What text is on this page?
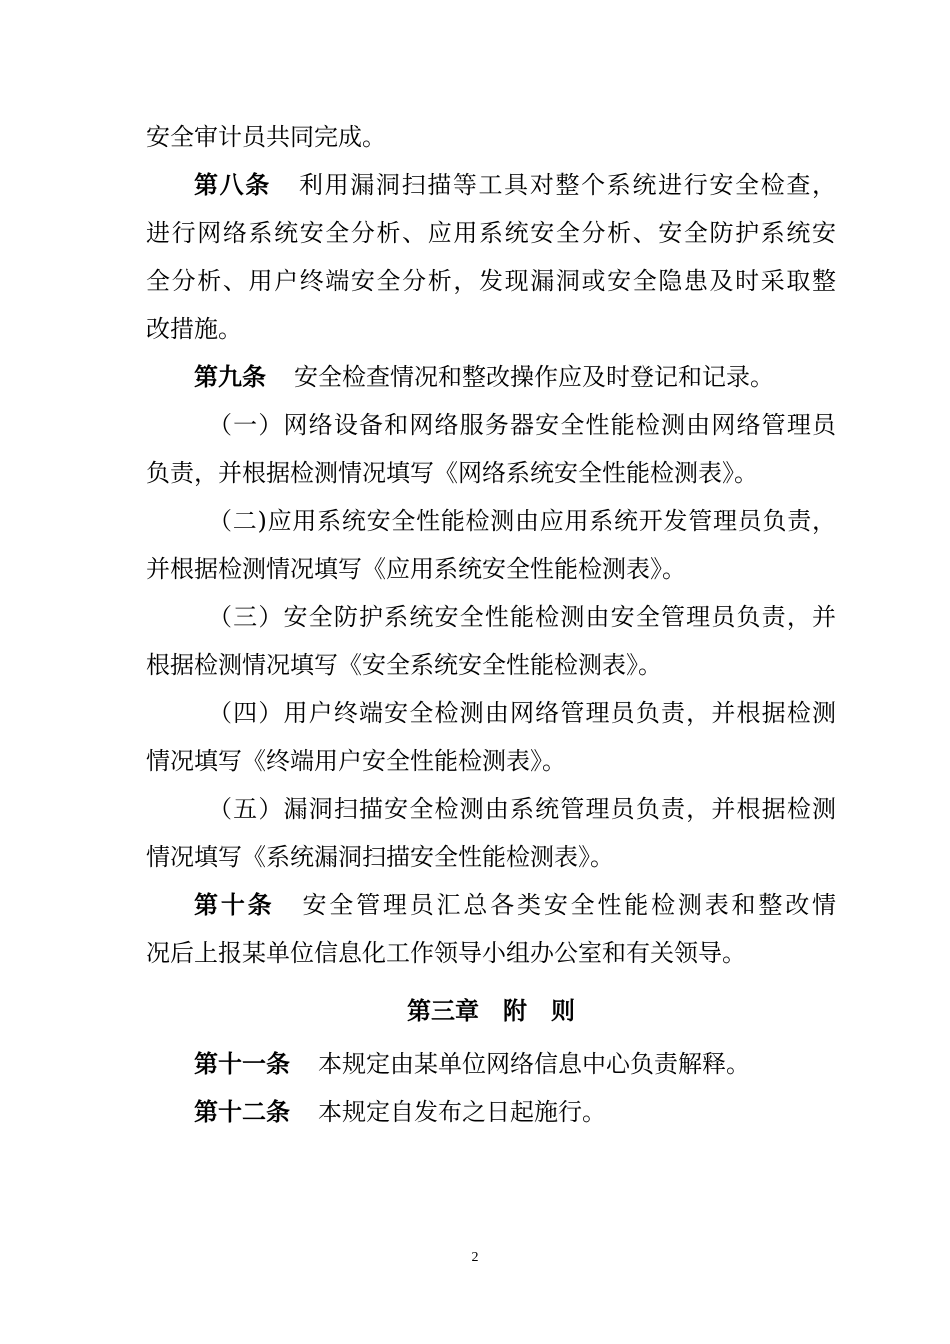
安全审计员共同完成。
第八条 利用漏洞扫描等工具对整个系统进行安全检查，
进行网络系统安全分析、应用系统安全分析、安全防护系统安
全分析、用户终端安全分析，发现漏洞或安全隐患及时采取整
改措施。
第九条 安全检查情况和整改操作应及时登记和记录。
（一）网络设备和网络服务器安全性能检测由网络管理员
负责，并根据检测情况填写《网络系统安全性能检测表》。
（二)应用系统安全性能检测由应用系统开发管理员负责，
并根据检测情况填写《应用系统安全性能检测表》。
（三）安全防护系统安全性能检测由安全管理员负责，并
根据检测情况填写《安全系统安全性能检测表》。
（四）用户终端安全检测由网络管理员负责，并根据检测
情况填写《终端用户安全性能检测表》。
（五）漏洞扫描安全检测由系统管理员负责，并根据检测
情况填写《系统漏洞扫描安全性能检测表》。
第十条 安全管理员汇总各类安全性能检测表和整改情
况后上报某单位信息化工作领导小组办公室和有关领导。
第三章　附　则
第十一条 本规定由某单位网络信息中心负责解释。
第十二条 本规定自发布之日起施行。
2
